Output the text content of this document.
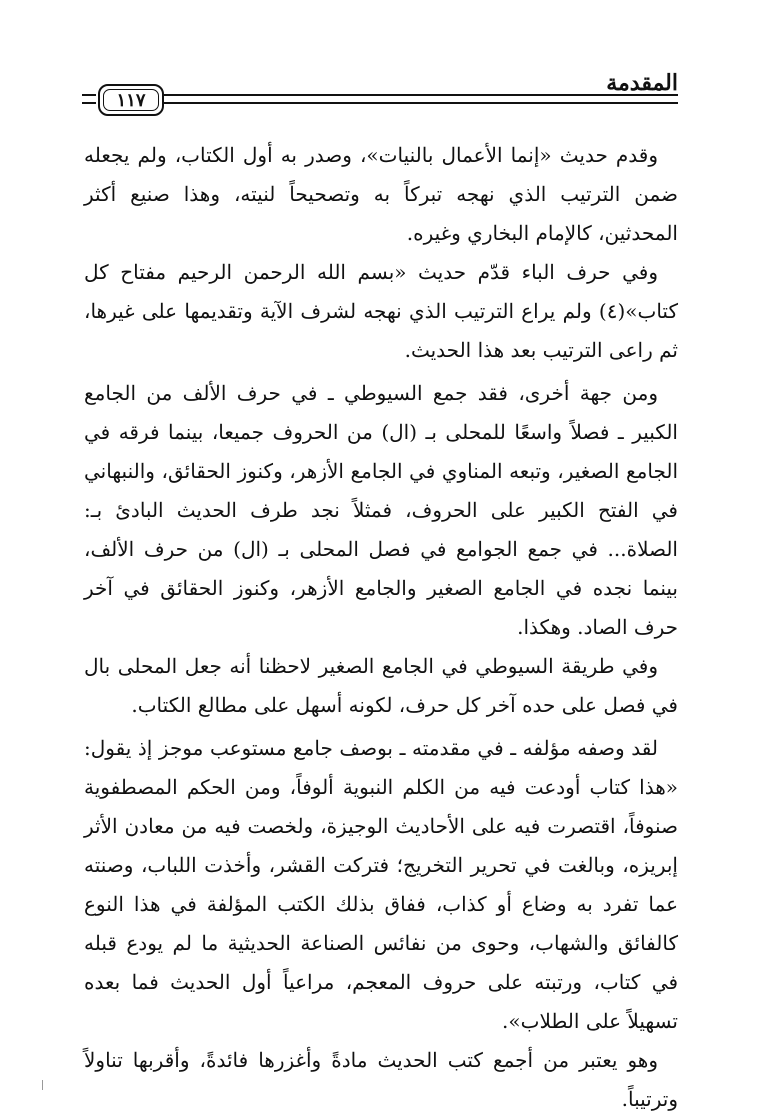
المقدمة
١١٧

وقدم حديث «إنما الأعمال بالنيات»، وصدر به أول الكتاب، ولم يجعله ضمن الترتيب الذي نهجه تبركاً به وتصحيحاً لنيته، وهذا صنيع أكثر المحدثين، كالإمام البخاري وغيره.

وفي حرف الباء قدّم حديث «بسم الله الرحمن الرحيم مفتاح كل كتاب»(٤) ولم يراع الترتيب الذي نهجه لشرف الآية وتقديمها على غيرها، ثم راعى الترتيب بعد هذا الحديث.

ومن جهة أخرى، فقد جمع السيوطي ـ في حرف الألف من الجامع الكبير ـ فصلاً واسعًا للمحلى بـ (ال) من الحروف جميعا، بينما فرقه في الجامع الصغير، وتبعه المناوي في الجامع الأزهر، وكنوز الحقائق، والنبهاني في الفتح الكبير على الحروف، فمثلاً نجد طرف الحديث البادئ بـ: الصلاة... في جمع الجوامع في فصل المحلى بـ (ال) من حرف الألف، بينما نجده في الجامع الصغير والجامع الأزهر، وكنوز الحقائق في آخر حرف الصاد. وهكذا.

وفي طريقة السيوطي في الجامع الصغير لاحظنا أنه جعل المحلى بال في فصل على حده آخر كل حرف، لكونه أسهل على مطالع الكتاب.

لقد وصفه مؤلفه ـ في مقدمته ـ بوصف جامع مستوعب موجز إذ يقول: «هذا كتاب أودعت فيه من الكلم النبوية ألوفاً، ومن الحكم المصطفوية صنوفاً، اقتصرت فيه على الأحاديث الوجيزة، ولخصت فيه من معادن الأثر إبريزه، وبالغت في تحرير التخريج؛ فتركت القشر، وأخذت اللباب، وصنته عما تفرد به وضاع أو كذاب، ففاق بذلك الكتب المؤلفة في هذا النوع كالفائق والشهاب، وحوى من نفائس الصناعة الحديثية ما لم يودع قبله في كتاب، ورتبته على حروف المعجم، مراعياً أول الحديث فما بعده تسهيلاً على الطلاب».

وهو يعتبر من أجمع كتب الحديث مادةً وأغزرها فائدةً، وأقربها تناولاً وترتيباً.
